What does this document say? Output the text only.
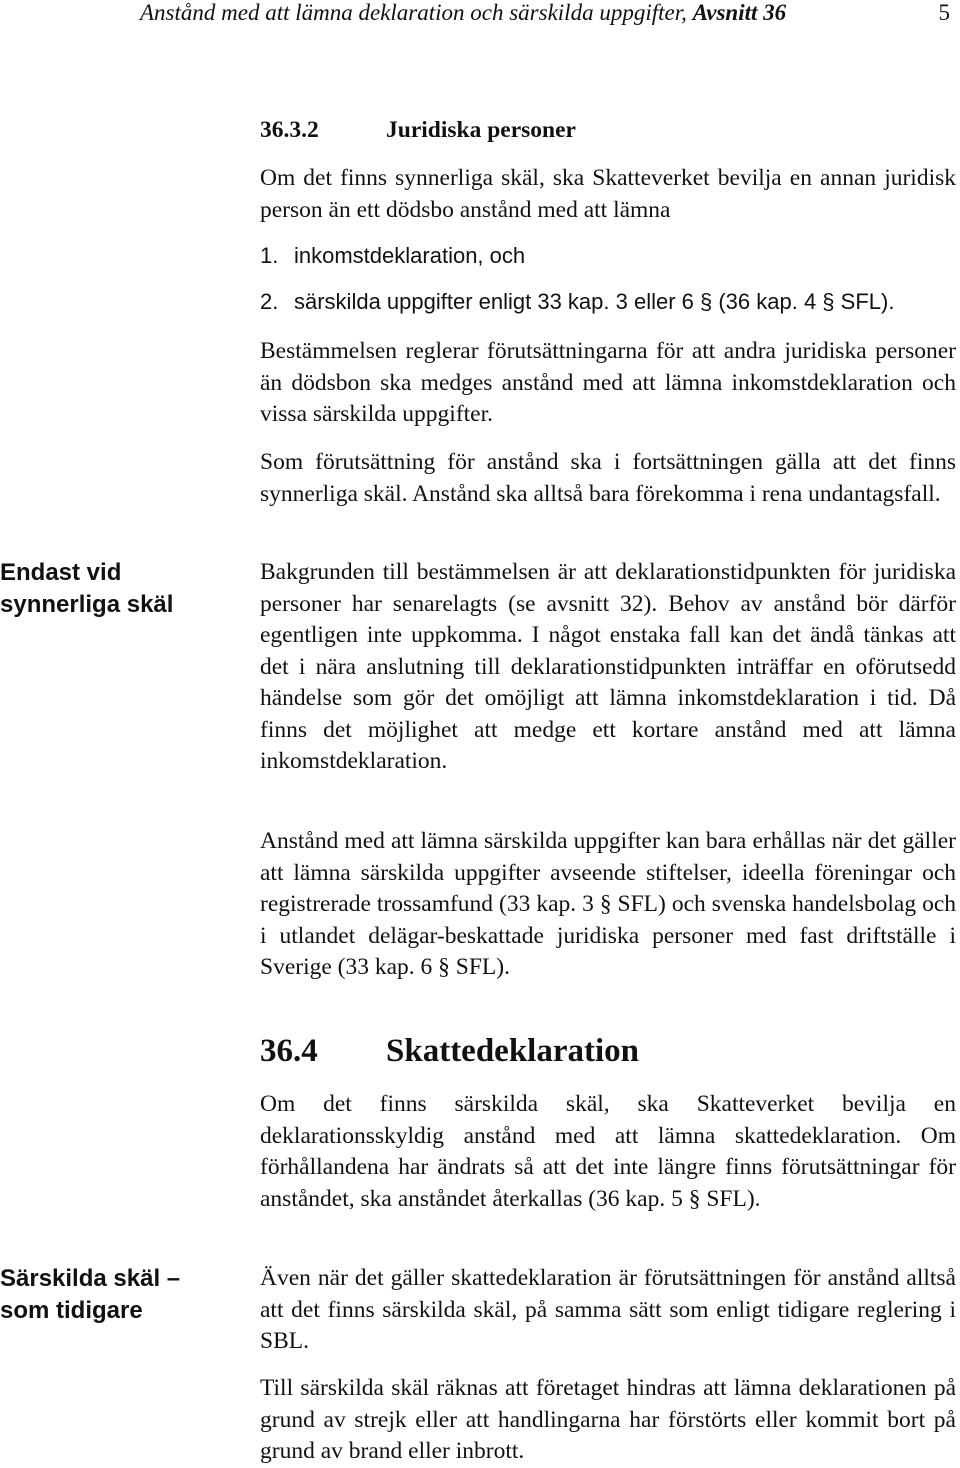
Anstånd med att lämna deklaration och särskilda uppgifter, Avsnitt 36	5
Endast vid synnerliga skäl
Särskilda skäl – som tidigare
36.3.2	Juridiska personer

Om det finns synnerliga skäl, ska Skatteverket bevilja en annan juridisk person än ett dödsbo anstånd med att lämna

1. inkomstdeklaration, och
2. särskilda uppgifter enligt 33 kap. 3 eller 6 § (36 kap. 4 § SFL).

Bestämmelsen reglerar förutsättningarna för att andra juridiska personer än dödsbon ska medges anstånd med att lämna inkomstdeklaration och vissa särskilda uppgifter.

Som förutsättning för anstånd ska i fortsättningen gälla att det finns synnerliga skäl. Anstånd ska alltså bara förekomma i rena undantagsfall.

Bakgrunden till bestämmelsen är att deklarationstidpunkten för juridiska personer har senarelagts (se avsnitt 32). Behov av anstånd bör därför egentligen inte uppkomma. I något enstaka fall kan det ändå tänkas att det i nära anslutning till deklarationstidpunkten inträffar en oförutsedd händelse som gör det omöjligt att lämna inkomstdeklaration i tid. Då finns det möjlighet att medge ett kortare anstånd med att lämna inkomstdeklaration.

Anstånd med att lämna särskilda uppgifter kan bara erhållas när det gäller att lämna särskilda uppgifter avseende stiftelser, ideella föreningar och registrerade trossamfund (33 kap. 3 § SFL) och svenska handelsbolag och i utlandet delägar-beskattade juridiska personer med fast driftställe i Sverige (33 kap. 6 § SFL).

36.4 Skattedeklaration

Om det finns särskilda skäl, ska Skatteverket bevilja en deklarationsskyldig anstånd med att lämna skattedeklaration. Om förhållandena har ändrats så att det inte längre finns förutsättningar för anståndet, ska anståndet återkallas (36 kap. 5 § SFL).

Även när det gäller skattedeklaration är förutsättningen för anstånd alltså att det finns särskilda skäl, på samma sätt som enligt tidigare reglering i SBL.

Till särskilda skäl räknas att företaget hindras att lämna deklarationen på grund av strejk eller att handlingarna har förstörts eller kommit bort på grund av brand eller inbrott.
